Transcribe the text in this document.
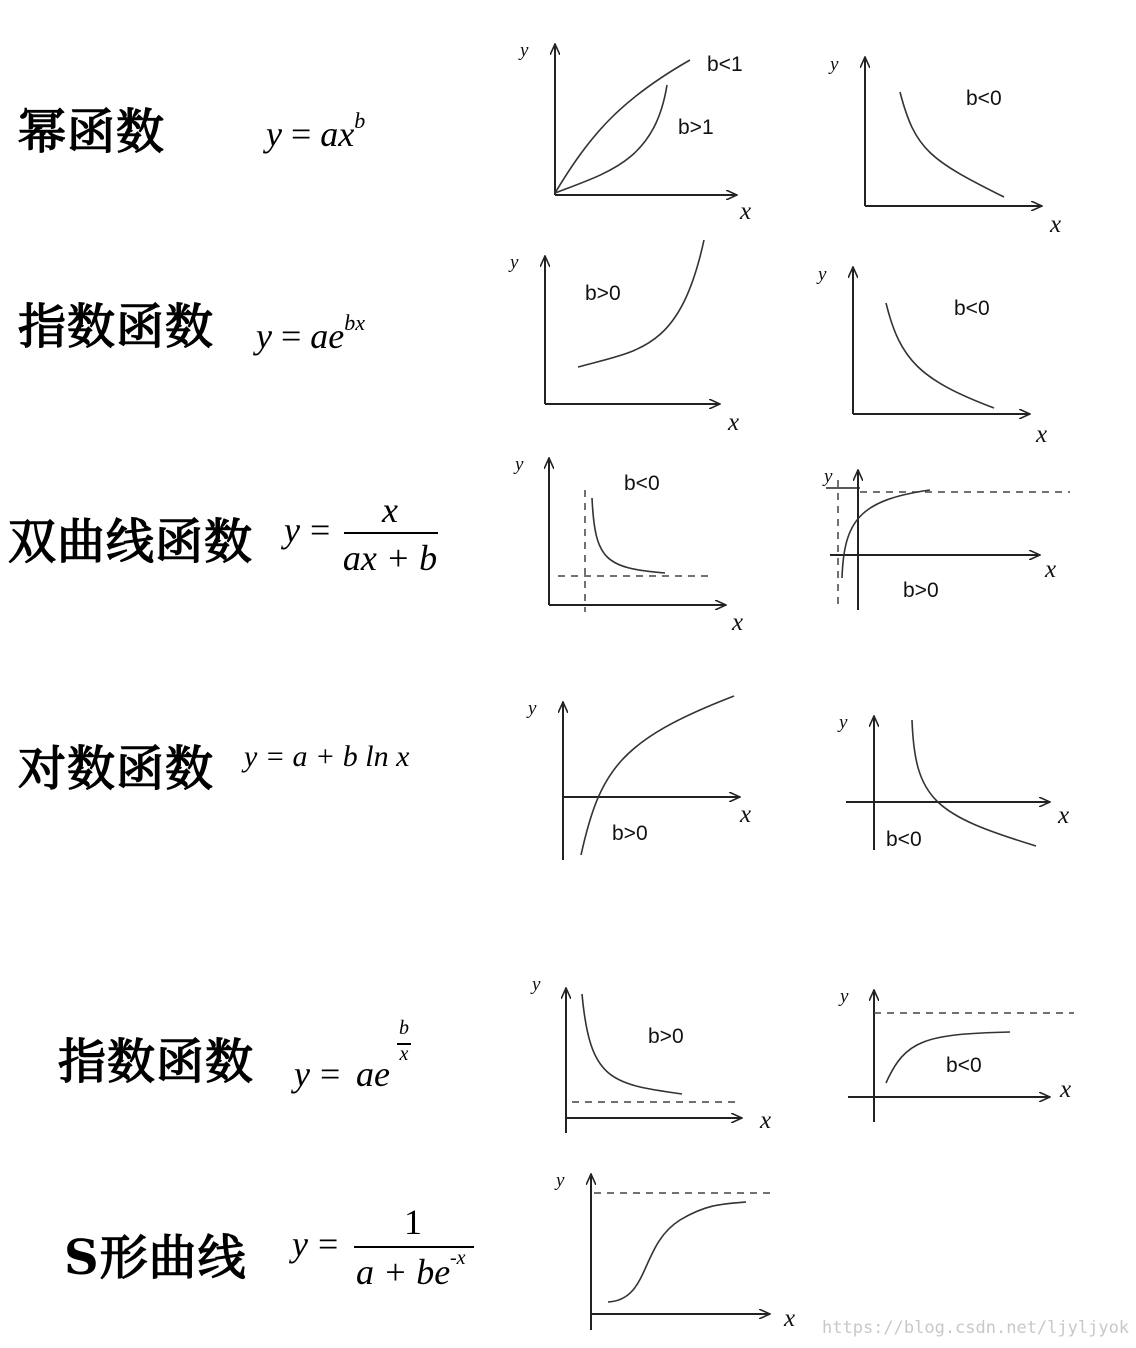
幂函数	$y = ax^b$
指数函数 $y = ae^{bx}$
双曲线函数 y =	x
ax + b
对数函数 y = a + b ln x
指数函数 y = ae
b
x
S形曲线 y =
1
a + be -x
b<1
b>1
y
x
b<0
y
x
b>0
y
x
b<0
y
x
b<0
y
x
b>0
y
x
b>0
y
x
b<0
y
x
b>0
y
x
b<0
y
x
y
x https://blog.csdn.net/ljyljyok
